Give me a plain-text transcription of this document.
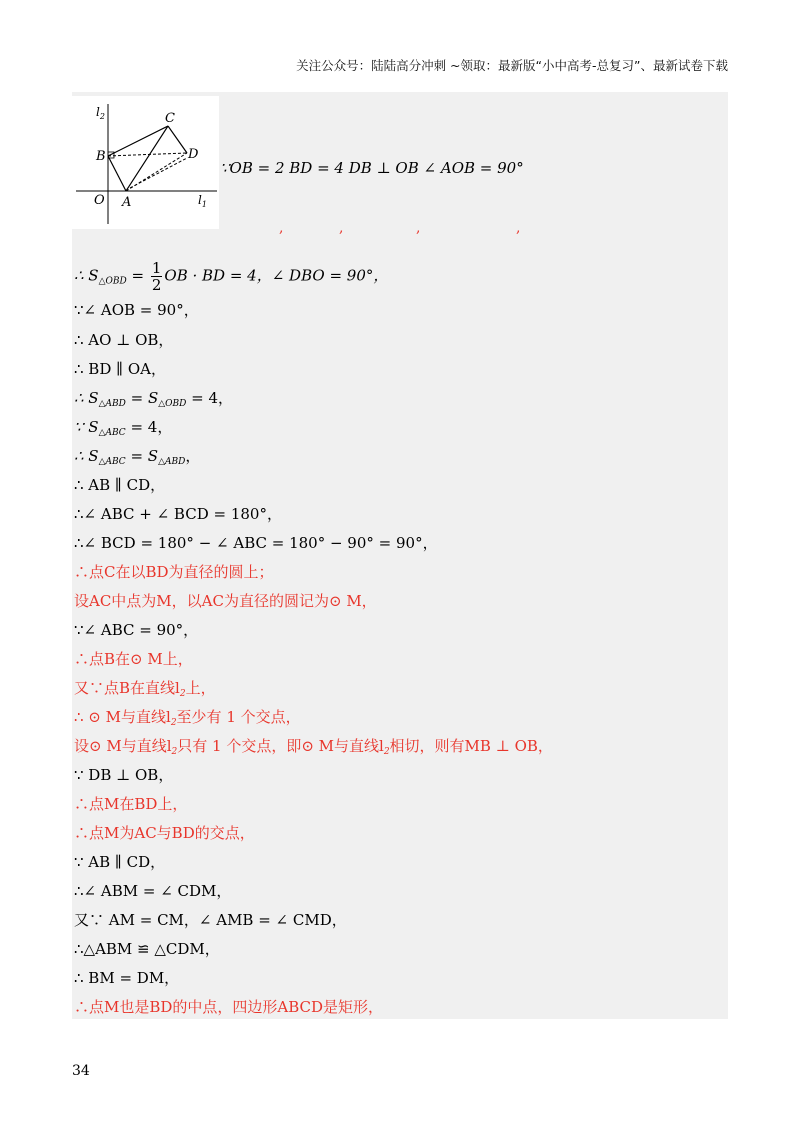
关注公众号：陆陆高分冲刺 ~领取：最新版“小中高考-总复习”、最新试卷下载
$l_2$	C
B	D
O A	$l_1$
∵OB = 2 BD = 4 DB ⊥ OB ∠ AOB = 90°
,	,	,	,
∴ $S_{\triangle OBD} = \frac{1}{2}$ OB · BD = 4，∠ DBO = 90°，
∵∠ AOB = 90°，
∴ AO ⊥ OB，
∴ BD ∥ OA，
∴ $S_{\triangle ABD} = S_{\triangle OBD} = 4$，
∵ $S_{\triangle ABC} = 4$，
∴ $S_{\triangle ABC} = S_{\triangle ABD}$，
∴ AB ∥ CD，
∴∠ ABC + ∠ BCD = 180°，
∴∠ BCD = 180° − ∠ ABC = 180° − 90° = 90°，
∴点C在以BD为直径的圆上；
设AC中点为M，以AC为直径的圆记为⊙ M，
∵∠ ABC = 90°，
∴点B在⊙ M上，
又∵点B在直线$l_2$上，
∴ ⊙ M与直线$l_2$至少有 1 个交点，
设⊙ M与直线$l_2$只有 1 个交点，即⊙ M与直线$l_2$相切，则有MB ⊥ OB，
∵ DB ⊥ OB，
∴点M在BD上，
∴点M为AC与BD的交点，
∵ AB ∥ CD，
∴∠ ABM = ∠ CDM，
又∵ AM = CM，∠ AMB = ∠ CMD，
∴△ABM ≌ △CDM，
∴ BM = DM，
∴点M也是BD的中点，四边形ABCD是矩形，
34
